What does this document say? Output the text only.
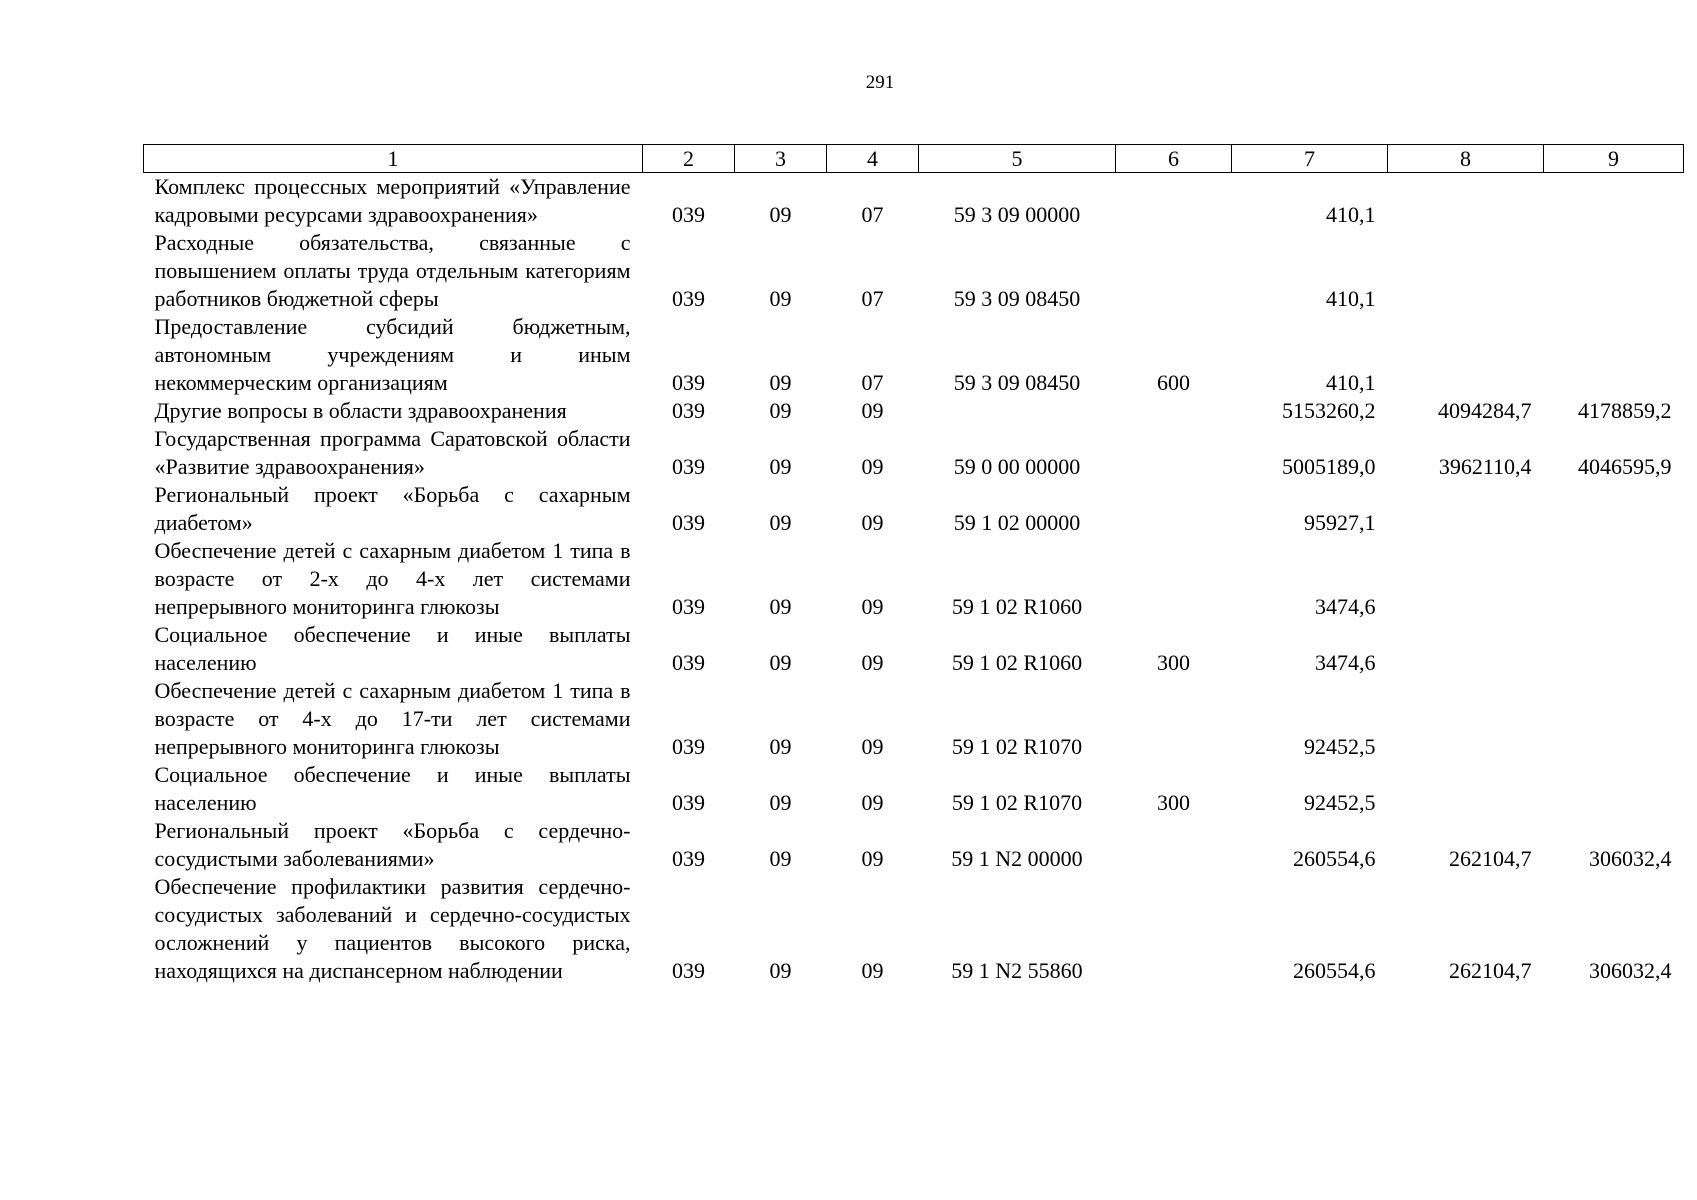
291
1	2	3	4	5	6	7	8	9
Комплекс процессных мероприятий «Управление кадровыми ресурсами здравоохранения»	039	09	07	59 3 09 00000		410,1		
Расходные обязательства, связанные с повышением оплаты труда отдельным категориям работников бюджетной сферы	039	09	07	59 3 09 08450		410,1		
Предоставление субсидий бюджетным, автономным учреждениям и иным некоммерческим организациям	039	09	07	59 3 09 08450	600	410,1		
Другие вопросы в области здравоохранения	039	09	09			5153260,2	4094284,7	4178859,2
Государственная программа Саратовской области «Развитие здравоохранения»	039	09	09	59 0 00 00000		5005189,0	3962110,4	4046595,9
Региональный проект «Борьба с сахарным диабетом»	039	09	09	59 1 02 00000		95927,1		
Обеспечение детей с сахарным диабетом 1 типа в возрасте от 2-х до 4-х лет системами непрерывного мониторинга глюкозы	039	09	09	59 1 02 R1060		3474,6		
Социальное обеспечение и иные выплаты населению	039	09	09	59 1 02 R1060	300	3474,6		
Обеспечение детей с сахарным диабетом 1 типа в возрасте от 4-х до 17-ти лет системами непрерывного мониторинга глюкозы	039	09	09	59 1 02 R1070		92452,5		
Социальное обеспечение и иные выплаты населению	039	09	09	59 1 02 R1070	300	92452,5		
Региональный проект «Борьба с сердечно-сосудистыми заболеваниями»	039	09	09	59 1 N2 00000		260554,6	262104,7	306032,4
Обеспечение профилактики развития сердечно-сосудистых заболеваний и сердечно-сосудистых осложнений у пациентов высокого риска, находящихся на диспансерном наблюдении	039	09	09	59 1 N2 55860		260554,6	262104,7	306032,4
